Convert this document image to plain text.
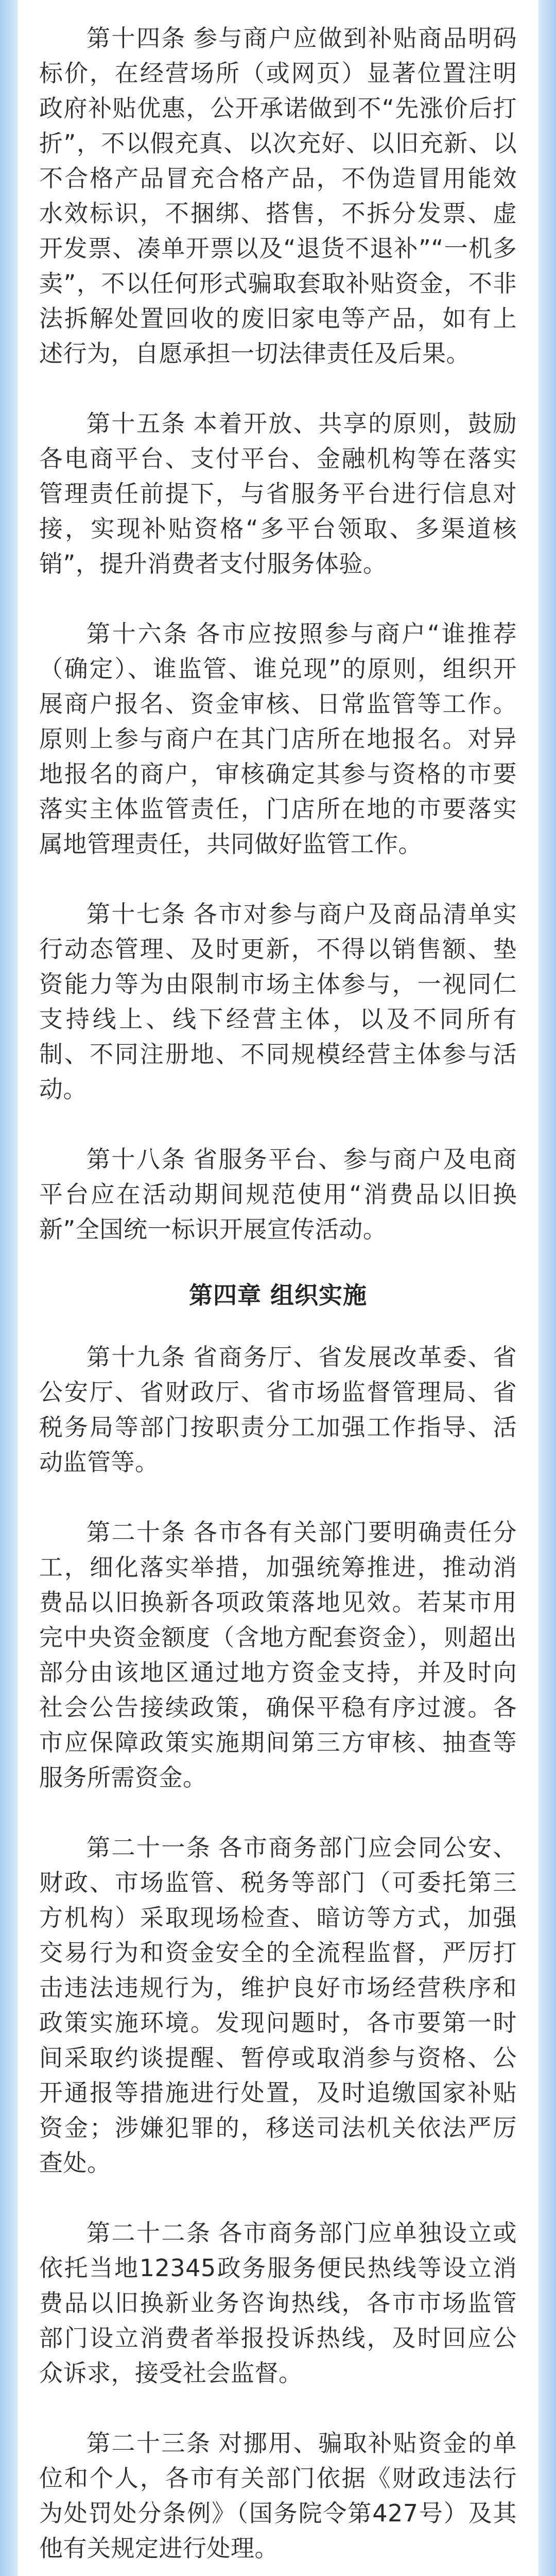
第十四条 参与商户应做到补贴商品明码标价，在经营场所（或网页）显著位置注明政府补贴优惠，公开承诺做到不“先涨价后打折”，不以假充真、以次充好、以旧充新、以不合格产品冒充合格产品，不伪造冒用能效水效标识，不捆绑、搭售，不拆分发票、虚开发票、凑单开票以及“退货不退补”“一机多卖”，不以任何形式骗取套取补贴资金，不非法拆解处置回收的废旧家电等产品，如有上述行为，自愿承担一切法律责任及后果。

第十五条 本着开放、共享的原则，鼓励各电商平台、支付平台、金融机构等在落实管理责任前提下，与省服务平台进行信息对接，实现补贴资格“多平台领取、多渠道核销”，提升消费者支付服务体验。

第十六条 各市应按照参与商户“谁推荐（确定）、谁监管、谁兑现”的原则，组织开展商户报名、资金审核、日常监管等工作。原则上参与商户在其门店所在地报名。对异地报名的商户，审核确定其参与资格的市要落实主体监管责任，门店所在地的市要落实属地管理责任，共同做好监管工作。

第十七条 各市对参与商户及商品清单实行动态管理、及时更新，不得以销售额、垫资能力等为由限制市场主体参与，一视同仁支持线上、线下经营主体，以及不同所有制、不同注册地、不同规模经营主体参与活动。

第十八条 省服务平台、参与商户及电商平台应在活动期间规范使用“消费品以旧换新”全国统一标识开展宣传活动。

第四章 组织实施

第十九条 省商务厅、省发展改革委、省公安厅、省财政厅、省市场监督管理局、省税务局等部门按职责分工加强工作指导、活动监管等。

第二十条 各市各有关部门要明确责任分工，细化落实举措，加强统筹推进，推动消费品以旧换新各项政策落地见效。若某市用完中央资金额度（含地方配套资金），则超出部分由该地区通过地方资金支持，并及时向社会公告接续政策，确保平稳有序过渡。各市应保障政策实施期间第三方审核、抽查等服务所需资金。

第二十一条 各市商务部门应会同公安、财政、市场监管、税务等部门（可委托第三方机构）采取现场检查、暗访等方式，加强交易行为和资金安全的全流程监督，严厉打击违法违规行为，维护良好市场经营秩序和政策实施环境。发现问题时，各市要第一时间采取约谈提醒、暂停或取消参与资格、公开通报等措施进行处置，及时追缴国家补贴资金；涉嫌犯罪的，移送司法机关依法严厉查处。

第二十二条 各市商务部门应单独设立或依托当地12345政务服务便民热线等设立消费品以旧换新业务咨询热线，各市市场监管部门设立消费者举报投诉热线，及时回应公众诉求，接受社会监督。

第二十三条 对挪用、骗取补贴资金的单位和个人，各市有关部门依据《财政违法行为处罚处分条例》（国务院令第427号）及其他有关规定进行处理。
